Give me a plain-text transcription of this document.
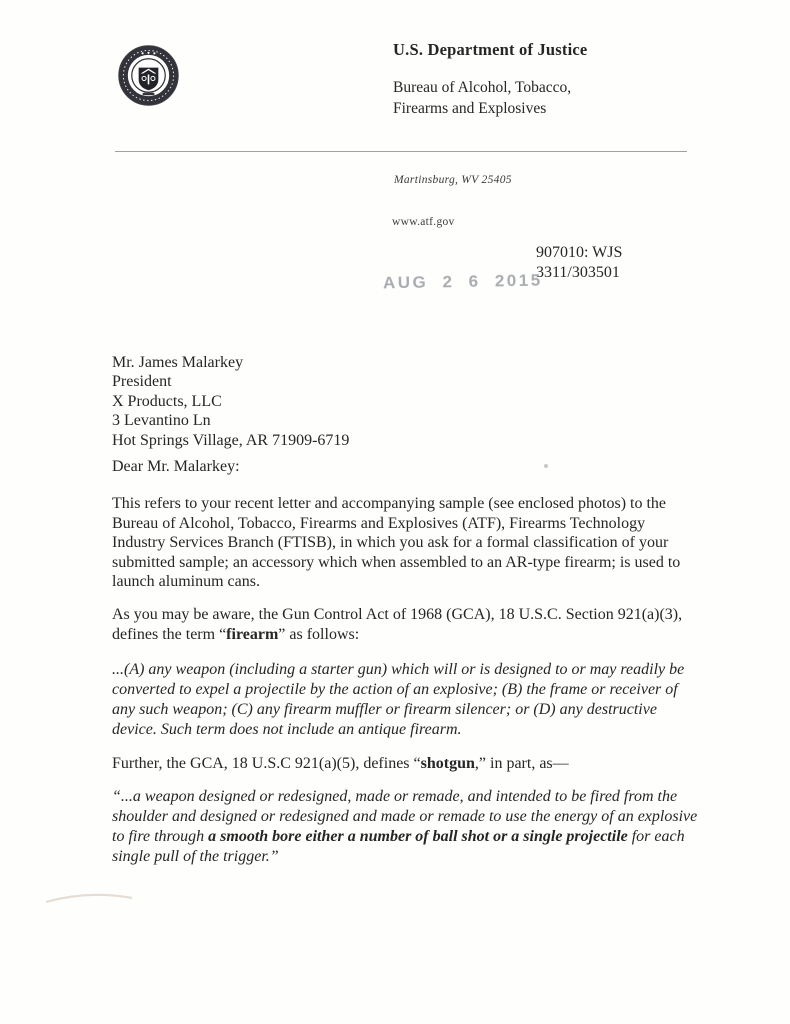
U.S. Department of Justice
Bureau of Alcohol, Tobacco,
Firearms and Explosives
Martinsburg, WV 25405
www.atf.gov
907010: WJS
3311/303501
AUG 2 6 2015
Mr. James Malarkey
President
X Products, LLC
3 Levantino Ln
Hot Springs Village, AR 71909-6719
Dear Mr. Malarkey:
This refers to your recent letter and accompanying sample (see enclosed photos) to the Bureau of Alcohol, Tobacco, Firearms and Explosives (ATF), Firearms Technology Industry Services Branch (FTISB), in which you ask for a formal classification of your submitted sample; an accessory which when assembled to an AR-type firearm; is used to launch aluminum cans.
As you may be aware, the Gun Control Act of 1968 (GCA), 18 U.S.C. Section 921(a)(3), defines the term “firearm” as follows:
...(A) any weapon (including a starter gun) which will or is designed to or may readily be converted to expel a projectile by the action of an explosive; (B) the frame or receiver of any such weapon; (C) any firearm muffler or firearm silencer; or (D) any destructive device. Such term does not include an antique firearm.
Further, the GCA, 18 U.S.C 921(a)(5), defines “shotgun,” in part, as—
“...a weapon designed or redesigned, made or remade, and intended to be fired from the shoulder and designed or redesigned and made or remade to use the energy of an explosive to fire through a smooth bore either a number of ball shot or a single projectile for each single pull of the trigger.”
